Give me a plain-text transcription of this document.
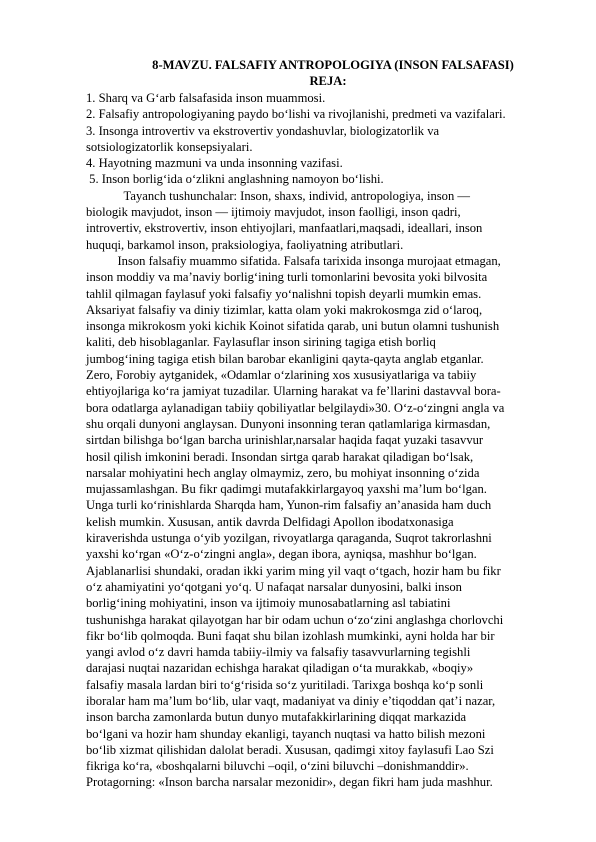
8-MAVZU. FALSAFIY ANTROPOLOGIYA (INSON FALSAFASI)
REJA:
1. Sharq va G‘arb falsafasida inson muammosi.
2. Falsafiy antropologiyaning paydo bo‘lishi va rivojlanishi, predmeti va vazifalari.
3. Insonga introvertiv va ekstrovertiv yondashuvlar, biologizatorlik va
sotsiologizatorlik konsepsiyalari.
4. Hayotning mazmuni va unda insonning vazifasi.
5. Inson borlig‘ida o‘zlikni anglashning namoyon bo‘lishi.
Tayanch tushunchalar: Inson, shaxs, individ, antropologiya, inson —
biologik mavjudot, inson — ijtimoiy mavjudot, inson faolligi, inson qadri,
introvertiv, ekstrovertiv, inson ehtiyojlari, manfaatlari,maqsadi, ideallari, inson
huquqi, barkamol inson, praksiologiya, faoliyatning atributlari.
Inson falsafiy muammo sifatida. Falsafa tarixida insonga murojaat etmagan,
inson moddiy va ma’naviy borlig‘ining turli tomonlarini bevosita yoki bilvosita
tahlil qilmagan faylasuf yoki falsafiy yo‘nalishni topish deyarli mumkin emas.
Aksariyat falsafiy va diniy tizimlar, katta olam yoki makrokosmga zid o‘laroq,
insonga mikrokosm yoki kichik Koinot sifatida qarab, uni butun olamni tushunish
kaliti, deb hisoblaganlar. Faylasuflar inson sirining tagiga etish borliq
jumbog‘ining tagiga etish bilan barobar ekanligini qayta-qayta anglab etganlar.
Zero, Forobiy aytganidek, «Odamlar o‘zlarining xos xususiyatlariga va tabiiy
ehtiyojlariga ko‘ra jamiyat tuzadilar. Ularning harakat va fe’llarini dastavval bora-
bora odatlarga aylanadigan tabiiy qobiliyatlar belgilaydi»30. O‘z-o‘zingni angla va
shu orqali dunyoni anglaysan. Dunyoni insonning teran qatlamlariga kirmasdan,
sirtdan bilishga bo‘lgan barcha urinishlar,narsalar haqida faqat yuzaki tasavvur
hosil qilish imkonini beradi. Insondan sirtga qarab harakat qiladigan bo‘lsak,
narsalar mohiyatini hech anglay olmaymiz, zero, bu mohiyat insonning o‘zida
mujassamlashgan. Bu fikr qadimgi mutafakkirlargayoq yaxshi ma’lum bo‘lgan.
Unga turli ko‘rinishlarda Sharqda ham, Yunon-rim falsafiy an’anasida ham duch
kelish mumkin. Xususan, antik davrda Delfidagi Apollon ibodatxonasiga
kiraverishda ustunga o‘yib yozilgan, rivoyatlarga qaraganda, Suqrot takrorlashni
yaxshi ko‘rgan «O‘z-o‘zingni angla», degan ibora, ayniqsa, mashhur bo‘lgan.
Ajablanarlisi shundaki, oradan ikki yarim ming yil vaqt o‘tgach, hozir ham bu fikr
o‘z ahamiyatini yo‘qotgani yo‘q. U nafaqat narsalar dunyosini, balki inson
borlig‘ining mohiyatini, inson va ijtimoiy munosabatlarning asl tabiatini
tushunishga harakat qilayotgan har bir odam uchun o‘zo‘zini anglashga chorlovchi
fikr bo‘lib qolmoqda. Buni faqat shu bilan izohlash mumkinki, ayni holda har bir
yangi avlod o‘z davri hamda tabiiy-ilmiy va falsafiy tasavvurlarning tegishli
darajasi nuqtai nazaridan echishga harakat qiladigan o‘ta murakkab, «boqiy»
falsafiy masala lardan biri to‘g‘risida so‘z yuritiladi. Tarixga boshqa ko‘p sonli
iboralar ham ma’lum bo‘lib, ular vaqt, madaniyat va diniy e’tiqoddan qat’i nazar,
inson barcha zamonlarda butun dunyo mutafakkirlarining diqqat markazida
bo‘lgani va hozir ham shunday ekanligi, tayanch nuqtasi va hatto bilish mezoni
bo‘lib xizmat qilishidan dalolat beradi. Xususan, qadimgi xitoy faylasufi Lao Szi
fikriga ko‘ra, «boshqalarni biluvchi –oqil, o‘zini biluvchi –donishmanddir».
Protagorning: «Inson barcha narsalar mezonidir», degan fikri ham juda mashhur.
